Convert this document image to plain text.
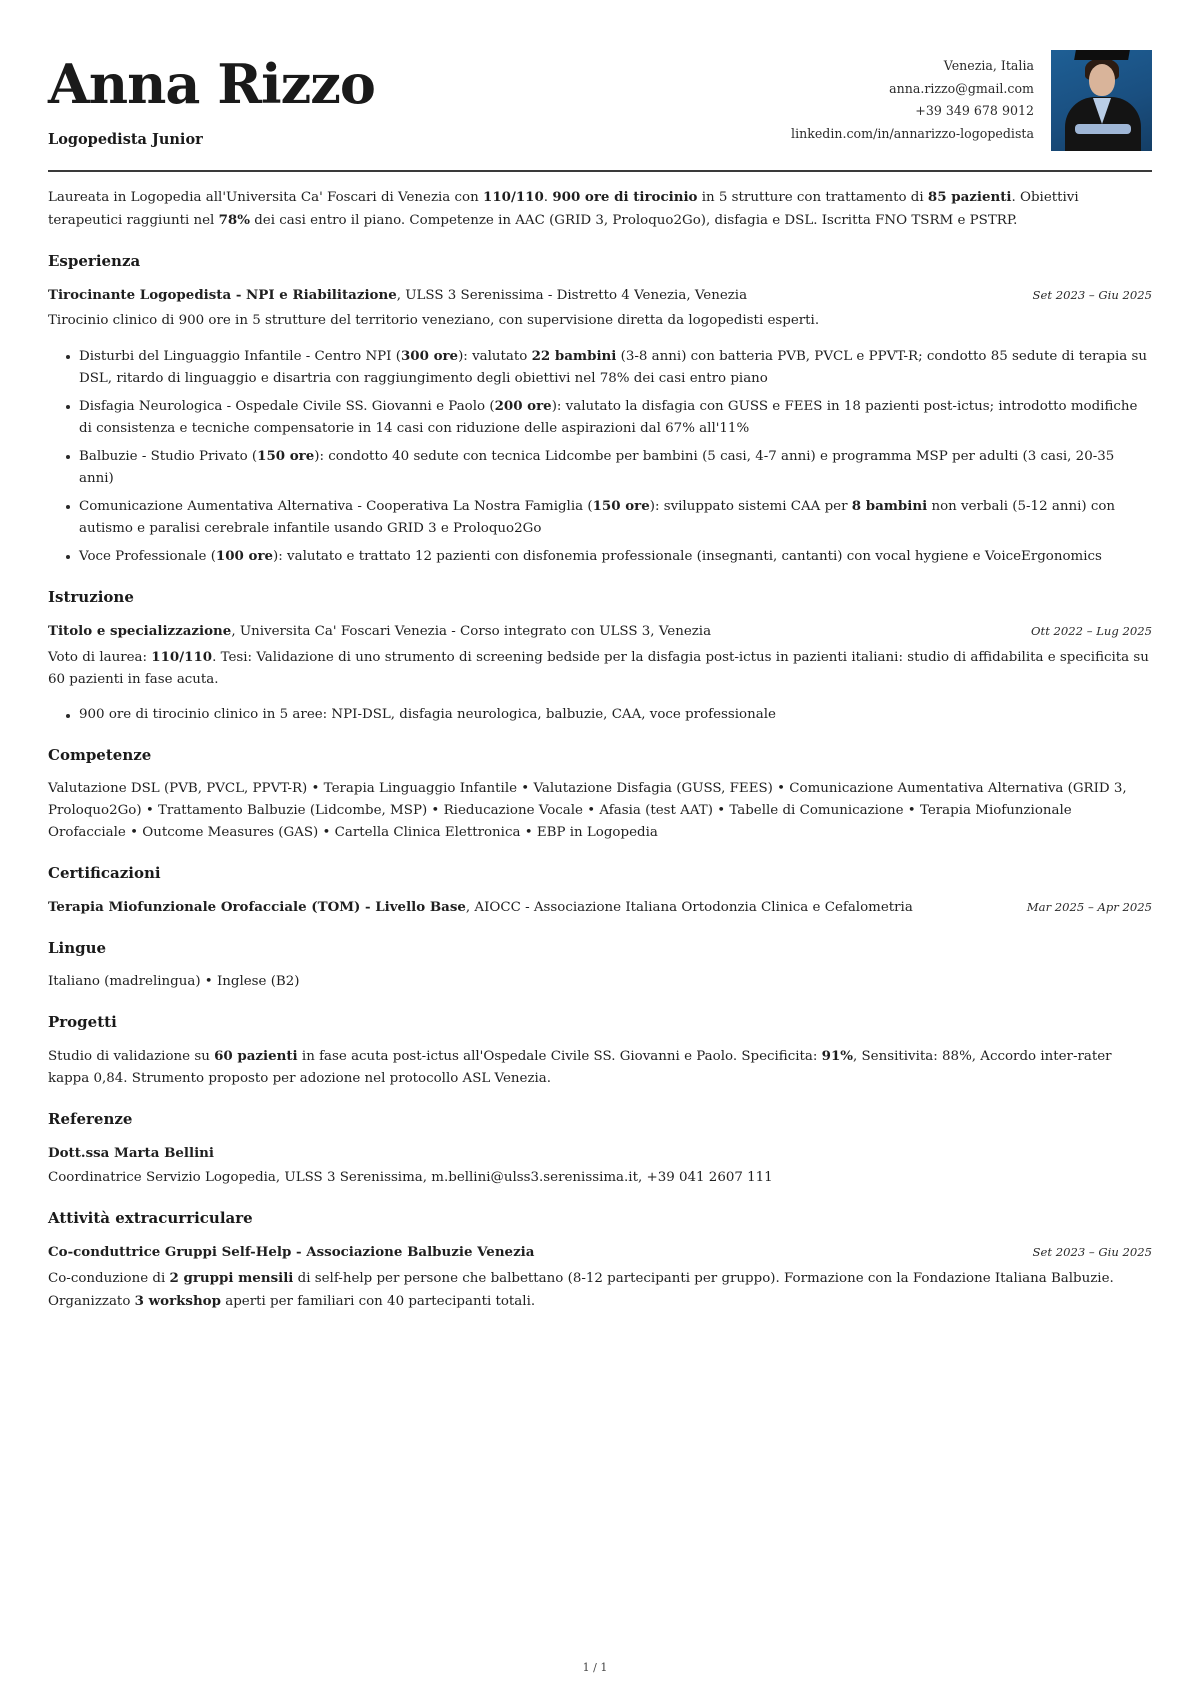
Anna Rizzo
Logopedista Junior
Venezia, Italia
anna.rizzo@gmail.com
+39 349 678 9012
linkedin.com/in/annarizzo-logopedista

Laureata in Logopedia all'Universita Ca' Foscari di Venezia con 110/110. 900 ore di tirocinio in 5 strutture con trattamento di 85 pazienti. Obiettivi terapeutici raggiunti nel 78% dei casi entro il piano. Competenze in AAC (GRID 3, Proloquo2Go), disfagia e DSL. Iscritta FNO TSRM e PSTRP.

Esperienza
Tirocinante Logopedista - NPI e Riabilitazione, ULSS 3 Serenissima - Distretto 4 Venezia, Venezia	Set 2023 – Giu 2025
Tirocinio clinico di 900 ore in 5 strutture del territorio veneziano, con supervisione diretta da logopedisti esperti.
Disturbi del Linguaggio Infantile - Centro NPI (300 ore): valutato 22 bambini (3-8 anni) con batteria PVB, PVCL e PPVT-R; condotto 85 sedute di terapia su DSL, ritardo di linguaggio e disartria con raggiungimento degli obiettivi nel 78% dei casi entro piano
Disfagia Neurologica - Ospedale Civile SS. Giovanni e Paolo (200 ore): valutato la disfagia con GUSS e FEES in 18 pazienti post-ictus; introdotto modifiche di consistenza e tecniche compensatorie in 14 casi con riduzione delle aspirazioni dal 67% all'11%
Balbuzie - Studio Privato (150 ore): condotto 40 sedute con tecnica Lidcombe per bambini (5 casi, 4-7 anni) e programma MSP per adulti (3 casi, 20-35 anni)
Comunicazione Aumentativa Alternativa - Cooperativa La Nostra Famiglia (150 ore): sviluppato sistemi CAA per 8 bambini non verbali (5-12 anni) con autismo e paralisi cerebrale infantile usando GRID 3 e Proloquo2Go
Voce Professionale (100 ore): valutato e trattato 12 pazienti con disfonemia professionale (insegnanti, cantanti) con vocal hygiene e VoiceErgonomics
Istruzione
Titolo e specializzazione, Universita Ca' Foscari Venezia - Corso integrato con ULSS 3, Venezia	Ott 2022 – Lug 2025
Voto di laurea: 110/110. Tesi: Validazione di uno strumento di screening bedside per la disfagia post-ictus in pazienti italiani: studio di affidabilita e specificita su 60 pazienti in fase acuta.
900 ore di tirocinio clinico in 5 aree: NPI-DSL, disfagia neurologica, balbuzie, CAA, voce professionale
Competenze

Valutazione DSL (PVB, PVCL, PPVT-R) • Terapia Linguaggio Infantile • Valutazione Disfagia (GUSS, FEES) • Comunicazione Aumentativa Alternativa (GRID 3, Proloquo2Go) • Trattamento Balbuzie (Lidcombe, MSP) • Rieducazione Vocale • Afasia (test AAT) • Tabelle di Comunicazione • Terapia Miofunzionale Orofacciale • Outcome Measures (GAS) • Cartella Clinica Elettronica • EBP in Logopedia

Certificazioni
Terapia Miofunzionale Orofacciale (TOM) - Livello Base, AIOCC - Associazione Italiana Ortodonzia Clinica e Cefalometria	Mar 2025 – Apr 2025
Lingue

Italiano (madrelingua) • Inglese (B2)

Progetti

Studio di validazione su 60 pazienti in fase acuta post-ictus all'Ospedale Civile SS. Giovanni e Paolo. Specificita: 91%, Sensitivita: 88%, Accordo inter-rater kappa 0,84. Strumento proposto per adozione nel protocollo ASL Venezia.

Referenze
Dott.ssa Marta Bellini
Coordinatrice Servizio Logopedia, ULSS 3 Serenissima, m.bellini@ulss3.serenissima.it, +39 041 2607 111
Attività extracurriculare
Co-conduttrice Gruppi Self-Help - Associazione Balbuzie Venezia	Set 2023 – Giu 2025
Co-conduzione di 2 gruppi mensili di self-help per persone che balbettano (8-12 partecipanti per gruppo). Formazione con la Fondazione Italiana Balbuzie. Organizzato 3 workshop aperti per familiari con 40 partecipanti totali.
1 / 1
